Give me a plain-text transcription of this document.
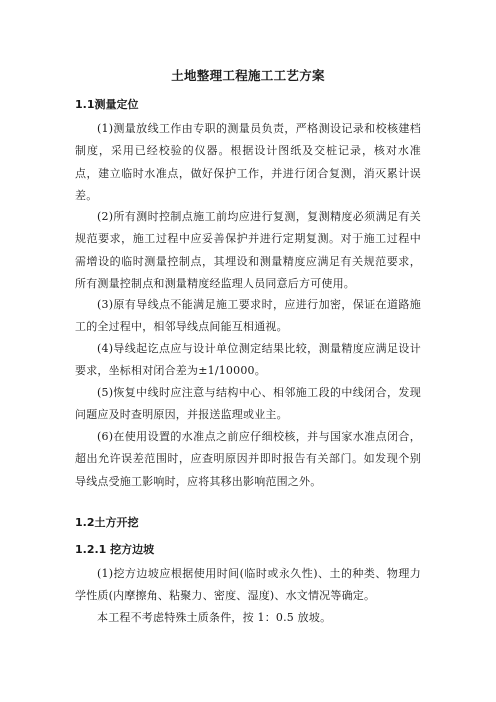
土地整理工程施工工艺方案
1.1测量定位

(1)测量放线工作由专职的测量员负责，严格测设记录和校核建档制度，采用已经校验的仪器。根据设计图纸及交桩记录，核对水准点，建立临时水准点，做好保护工作，并进行闭合复测，消灭累计误差。

(2)所有测时控制点施工前均应进行复测，复测精度必须满足有关规范要求，施工过程中应妥善保护并进行定期复测。对于施工过程中需增设的临时测量控制点，其埋设和测量精度应满足有关规范要求，所有测量控制点和测量精度经监理人员同意后方可使用。

(3)原有导线点不能满足施工要求时，应进行加密，保证在道路施工的全过程中，相邻导线点间能互相通视。

(4)导线起讫点应与设计单位测定结果比较，测量精度应满足设计要求，坐标相对闭合差为±1/10000。

(5)恢复中线时应注意与结构中心、相邻施工段的中线闭合，发现问题应及时查明原因，并报送监理或业主。

(6)在使用设置的水准点之前应仔细校核，并与国家水准点闭合，超出允许误差范围时，应查明原因并即时报告有关部门。如发现个别导线点受施工影响时，应将其移出影响范围之外。

1.2土方开挖
1.2.1 挖方边坡

(1)挖方边坡应根据使用时间(临时或永久性)、土的种类、物理力学性质(内摩擦角、粘聚力、密度、湿度)、水文情况等确定。

本工程不考虑特殊土质条件，按 1：0.5 放坡。
